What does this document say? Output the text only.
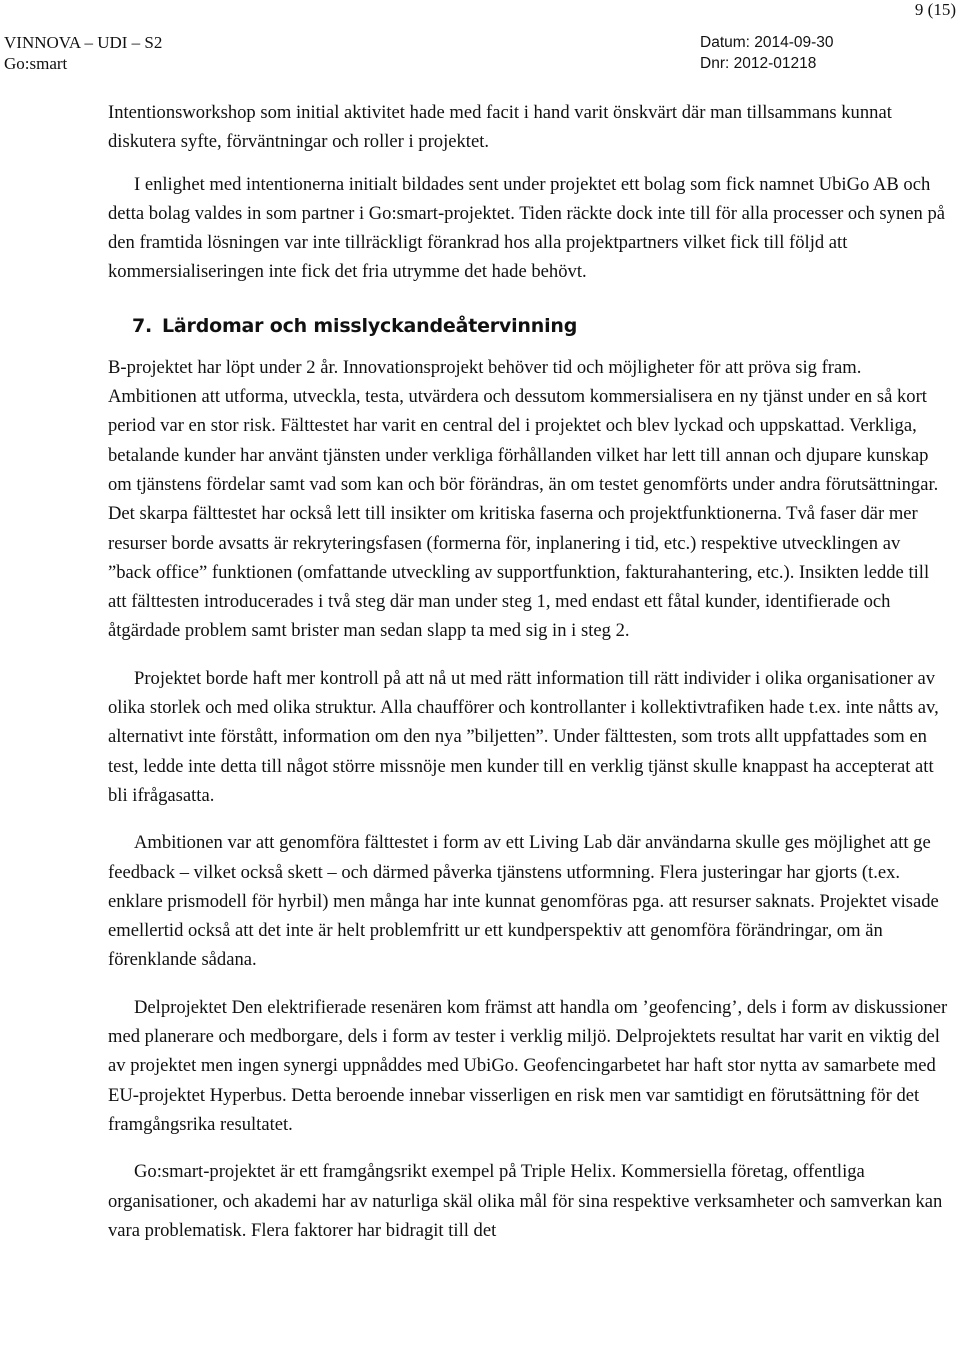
9 (15)
VINNOVA – UDI – S2
Go:smart
Datum: 2014-09-30
Dnr: 2012-01218

Intentionsworkshop som initial aktivitet hade med facit i hand varit önskvärt där man tillsammans kunnat diskutera syfte, förväntningar och roller i projektet.

I enlighet med intentionerna initialt bildades sent under projektet ett bolag som fick namnet UbiGo AB och detta bolag valdes in som partner i Go:smart-projektet. Tiden räckte dock inte till för alla processer och synen på den framtida lösningen var inte tillräckligt förankrad hos alla projektpartners vilket fick till följd att kommersialiseringen inte fick det fria utrymme det hade behövt.

7. Lärdomar och misslyckandeåtervinning

B-projektet har löpt under 2 år. Innovationsprojekt behöver tid och möjligheter för att pröva sig fram. Ambitionen att utforma, utveckla, testa, utvärdera och dessutom kommersialisera en ny tjänst under en så kort period var en stor risk. Fälttestet har varit en central del i projektet och blev lyckad och uppskattad. Verkliga, betalande kunder har använt tjänsten under verkliga förhållanden vilket har lett till annan och djupare kunskap om tjänstens fördelar samt vad som kan och bör förändras, än om testet genomförts under andra förutsättningar. Det skarpa fälttestet har också lett till insikter om kritiska faserna och projektfunktionerna. Två faser där mer resurser borde avsatts är rekryteringsfasen (formerna för, inplanering i tid, etc.) respektive utvecklingen av ”back office” funktionen (omfattande utveckling av supportfunktion, fakturahantering, etc.). Insikten ledde till att fälttesten introducerades i två steg där man under steg 1, med endast ett fåtal kunder, identifierade och åtgärdade problem samt brister man sedan slapp ta med sig in i steg 2.

Projektet borde haft mer kontroll på att nå ut med rätt information till rätt individer i olika organisationer av olika storlek och med olika struktur. Alla chaufförer och kontrollanter i kollektivtrafiken hade t.ex. inte nåtts av, alternativt inte förstått, information om den nya ”biljetten”. Under fälttesten, som trots allt uppfattades som en test, ledde inte detta till något större missnöje men kunder till en verklig tjänst skulle knappast ha accepterat att bli ifrågasatta.

Ambitionen var att genomföra fälttestet i form av ett Living Lab där användarna skulle ges möjlighet att ge feedback – vilket också skett – och därmed påverka tjänstens utformning. Flera justeringar har gjorts (t.ex. enklare prismodell för hyrbil) men många har inte kunnat genomföras pga. att resurser saknats. Projektet visade emellertid också att det inte är helt problemfritt ur ett kundperspektiv att genomföra förändringar, om än förenklande sådana.

Delprojektet Den elektrifierade resenären kom främst att handla om ’geofencing’, dels i form av diskussioner med planerare och medborgare, dels i form av tester i verklig miljö. Delprojektets resultat har varit en viktig del av projektet men ingen synergi uppnåddes med UbiGo. Geofencingarbetet har haft stor nytta av samarbete med EU-projektet Hyperbus. Detta beroende innebar visserligen en risk men var samtidigt en förutsättning för det framgångsrika resultatet.

Go:smart-projektet är ett framgångsrikt exempel på Triple Helix. Kommersiella företag, offentliga organisationer, och akademi har av naturliga skäl olika mål för sina respektive verksamheter och samverkan kan vara problematisk. Flera faktorer har bidragit till det
